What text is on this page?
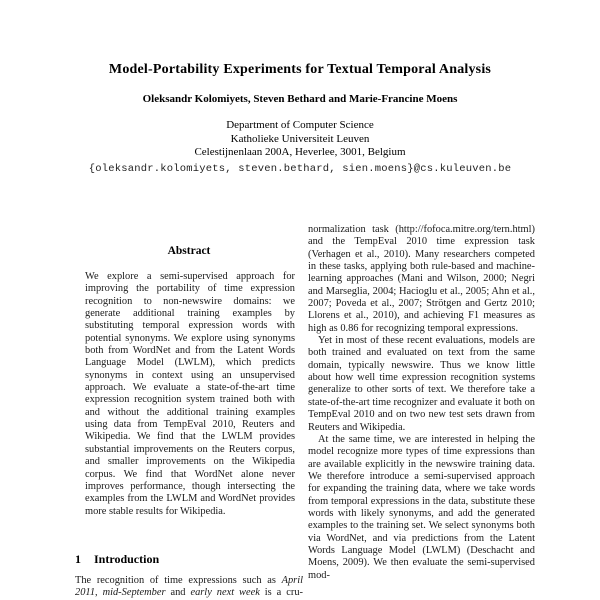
Model-Portability Experiments for Textual Temporal Analysis
Oleksandr Kolomiyets, Steven Bethard and Marie-Francine Moens
Department of Computer Science
Katholieke Universiteit Leuven
Celestijnenlaan 200A, Heverlee, 3001, Belgium
{oleksandr.kolomiyets, steven.bethard, sien.moens}@cs.kuleuven.be
Abstract
We explore a semi-supervised approach for improving the portability of time expression recognition to non-newswire domains: we generate additional training examples by substituting temporal expression words with potential synonyms. We explore using synonyms both from WordNet and from the Latent Words Language Model (LWLM), which predicts synonyms in context using an unsupervised approach. We evaluate a state-of-the-art time expression recognition system trained both with and without the additional training examples using data from TempEval 2010, Reuters and Wikipedia. We find that the LWLM provides substantial improvements on the Reuters corpus, and smaller improvements on the Wikipedia corpus. We find that WordNet alone never improves performance, though intersecting the examples from the LWLM and WordNet provides more stable results for Wikipedia.
1 Introduction
The recognition of time expressions such as April 2011, mid-September and early next week is a cru-

normalization task (http://fofoca.mitre.org/tern.html) and the TempEval 2010 time expression task (Verhagen et al., 2010). Many researchers competed in these tasks, applying both rule-based and machine-learning approaches (Mani and Wilson, 2000; Negri and Marseglia, 2004; Hacioglu et al., 2005; Ahn et al., 2007; Poveda et al., 2007; Strötgen and Gertz 2010; Llorens et al., 2010), and achieving F1 measures as high as 0.86 for recognizing temporal expressions.

Yet in most of these recent evaluations, models are both trained and evaluated on text from the same domain, typically newswire. Thus we know little about how well time expression recognition systems generalize to other sorts of text. We therefore take a state-of-the-art time recognizer and evaluate it both on TempEval 2010 and on two new test sets drawn from Reuters and Wikipedia.

At the same time, we are interested in helping the model recognize more types of time expressions than are available explicitly in the newswire training data. We therefore introduce a semi-supervised approach for expanding the training data, where we take words from temporal expressions in the data, substitute these words with likely synonyms, and add the generated examples to the training set. We select synonyms both via WordNet, and via predictions from the Latent Words Language Model (LWLM) (Deschacht and Moens, 2009). We then evaluate the semi-supervised mod-
